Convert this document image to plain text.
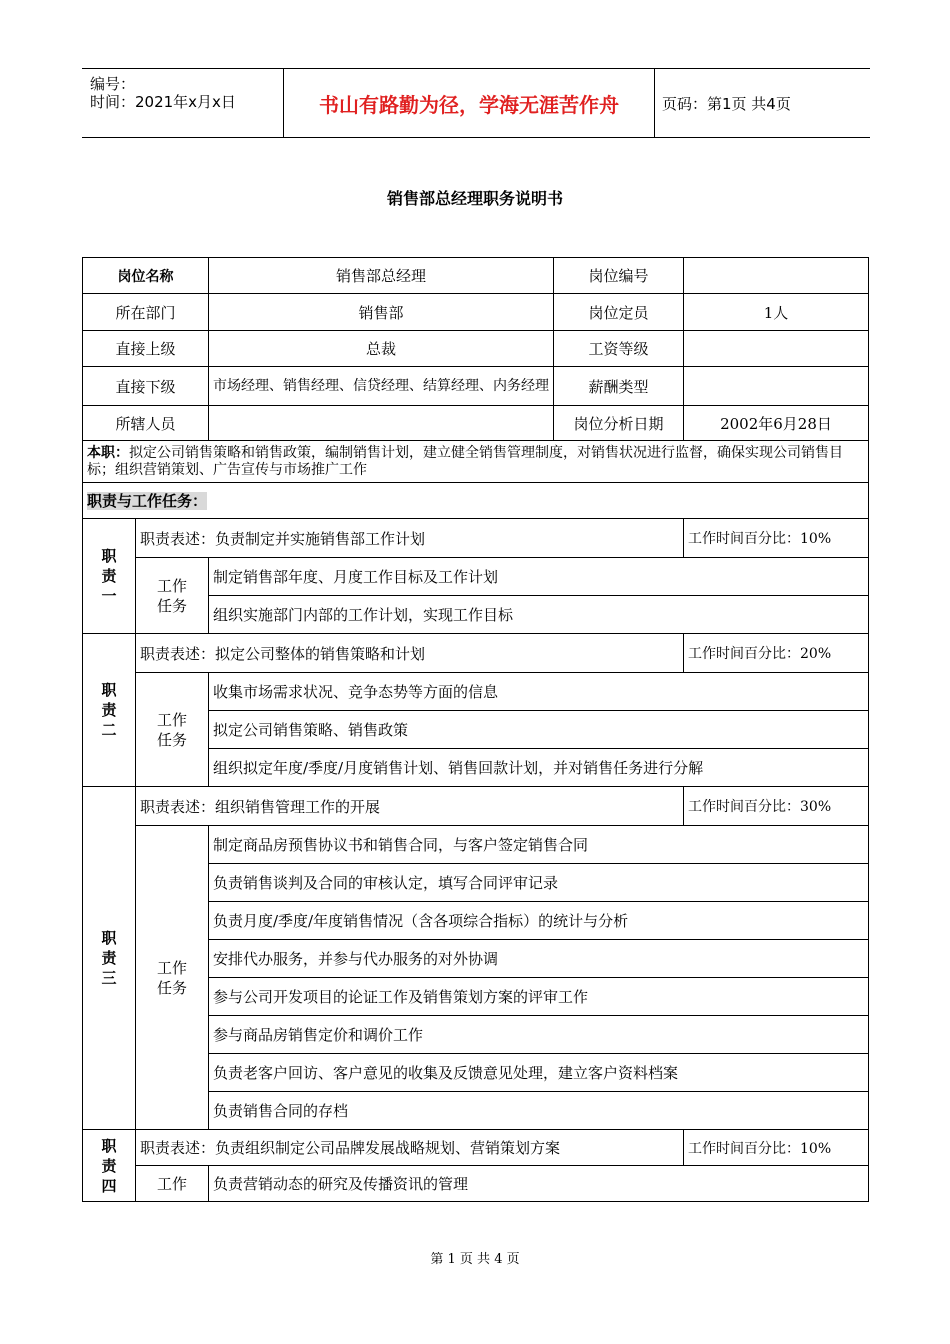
编号：
时间：2021年x月x日	书山有路勤为径，学海无涯苦作舟	页码：第1页 共4页
销售部总经理职务说明书
岗位名称		销售部总经理	岗位编号	
所在部门		销售部	岗位定员	1人
直接上级		总裁	工资等级	
直接下级		市场经理、销售经理、信贷经理、结算经理、内务经理	薪酬类型	
所辖人员			岗位分析日期	2002年6月28日
本职：拟定公司销售策略和销售政策，编制销售计划，建立健全销售管理制度，对销售状况进行监督，确保实现公司销售目标；组织营销策划、广告宣传与市场推广工作				
职责与工作任务：				
职责一	职责表述：负责制定并实施销售部工作计划			工作时间百分比：10%
	工作任务	制定销售部年度、月度工作目标及工作计划		
		组织实施部门内部的工作计划，实现工作目标		
职责二	职责表述：拟定公司整体的销售策略和计划			工作时间百分比：20%
	工作任务	收集市场需求状况、竞争态势等方面的信息		
		拟定公司销售策略、销售政策		
		组织拟定年度/季度/月度销售计划、销售回款计划，并对销售任务进行分解		
职责三	职责表述：组织销售管理工作的开展			工作时间百分比：30%
	工作任务	制定商品房预售协议书和销售合同，与客户签定销售合同		
		负责销售谈判及合同的审核认定，填写合同评审记录		
		负责月度/季度/年度销售情况（含各项综合指标）的统计与分析		
		安排代办服务，并参与代办服务的对外协调		
		参与公司开发项目的论证工作及销售策划方案的评审工作		
		参与商品房销售定价和调价工作		
		负责老客户回访、客户意见的收集及反馈意见处理，建立客户资料档案		
		负责销售合同的存档		
职责四	职责表述：负责组织制定公司品牌发展战略规划、营销策划方案			工作时间百分比：10%
	工作	负责营销动态的研究及传播资讯的管理		
第 1 页 共 4 页
